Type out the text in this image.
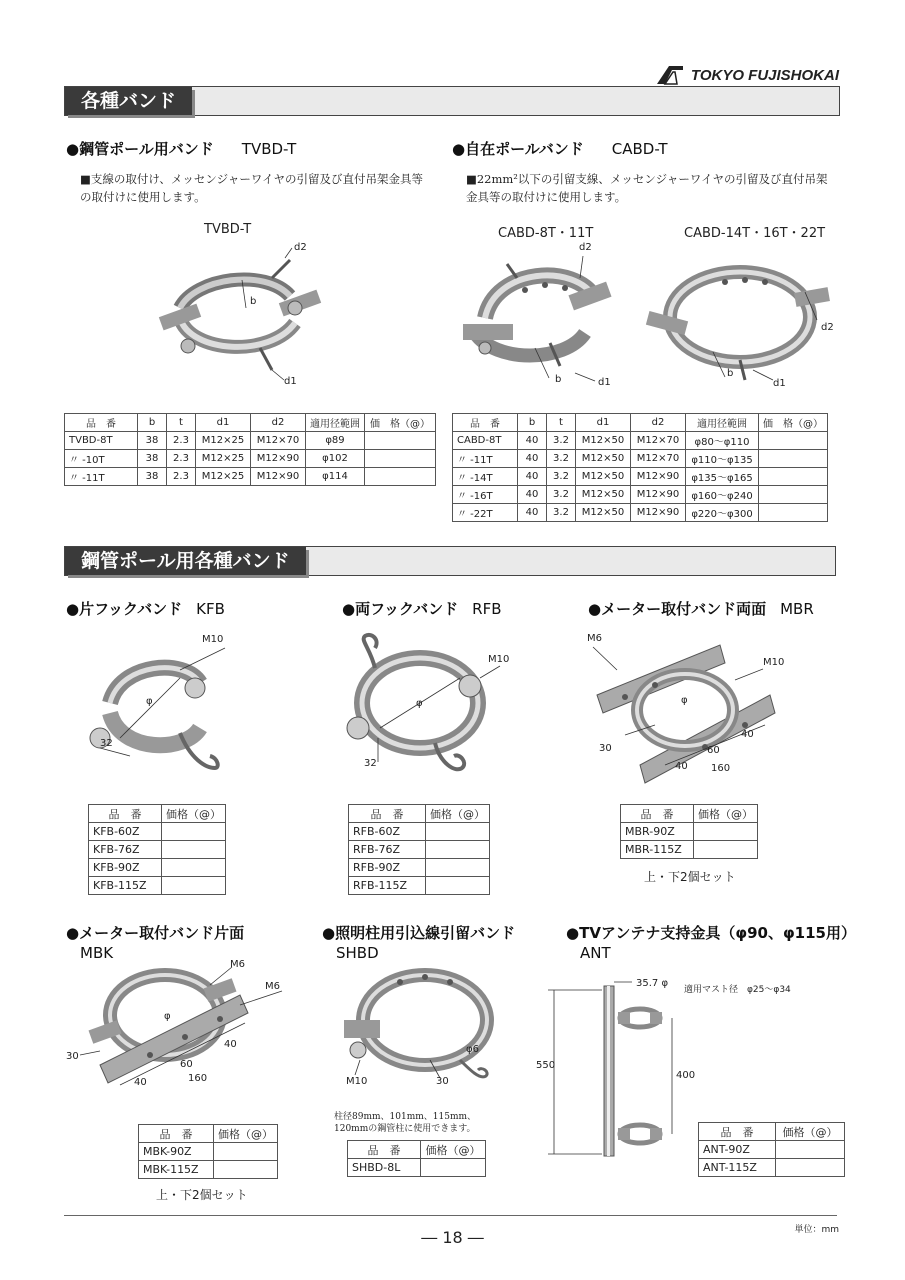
TOKYO FUJISHOKAI
各種バンド
●鋼管ポール用バンド TVBD-T
■支線の取付け、メッセンジャーワイヤの引留及び直付吊架金具等の取付けに使用します。
TVBD-T
d2
b
d1
品　番	b	t	d1	d2	適用径範囲	価　格（@）
TVBD-8T	38	2.3	M12×25	M12×70	φ89	
〃 -10T	38	2.3	M12×25	M12×90	φ102	
〃 -11T	38	2.3	M12×25	M12×90	φ114	
●自在ポールバンド CABD-T
■22mm²以下の引留支線、メッセンジャーワイヤの引留及び直付吊架金具等の取付けに使用します。
CABD-8T・11T	CABD-14T・16T・22T
d2
b	d1
d2
b
d1
品　番	b	t	d1	d2	適用径範囲	価　格（@）
CABD-8T	40	3.2	M12×50	M12×70	φ80～φ110	
〃 -11T	40	3.2	M12×50	M12×70	φ110～φ135	
〃 -14T	40	3.2	M12×50	M12×90	φ135～φ165	
〃 -16T	40	3.2	M12×50	M12×90	φ160～φ240	
〃 -22T	40	3.2	M12×50	M12×90	φ220～φ300	
鋼管ポール用各種バンド
●片フックバンド KFB
M10
φ
32
品　番	価格（@）
KFB-60Z	
KFB-76Z	
KFB-90Z	
KFB-115Z	
●両フックバンド RFB
M10
φ
32
品　番	価格（@）
RFB-60Z	
RFB-76Z	
RFB-90Z	
RFB-115Z	
●メーター取付バンド両面 MBR
M6
M10
φ
30
40
60
40
160
品　番	価格（@）
MBR-90Z	
MBR-115Z	
上・下2個セット
●メーター取付バンド片面
MBK
M6
M6
φ
30
40
60
40
160
品　番	価格（@）
MBK-90Z	
MBK-115Z	
上・下2個セット
●照明柱用引込線引留バンド
SHBD
M10	30
φ6
柱径89mm、101mm、115mm、120mmの鋼管柱に使用できます。
品　番	価格（@）
SHBD-8L	
●TVアンテナ支持金具（φ90、φ115用）
ANT
適用マスト径　φ25～φ34
35.7 φ
550
400
品　番	価格（@）
ANT-90Z	
ANT-115Z	
単位：mm
― 18 ―
